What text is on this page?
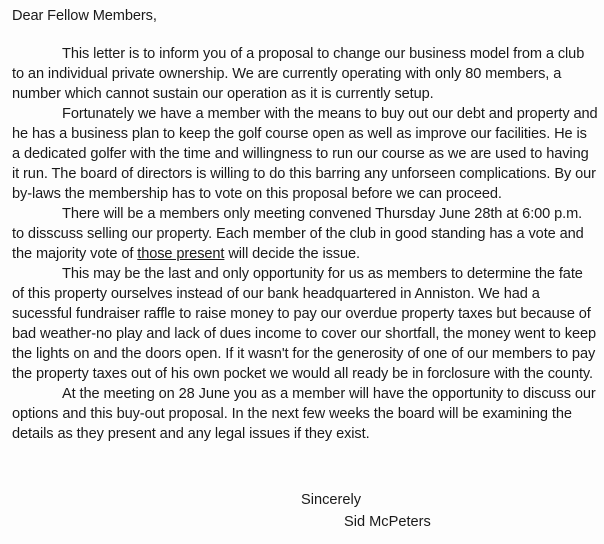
Dear Fellow Members,

This letter is to inform you of a proposal to change our business model from a club to an individual private ownership. We are currently operating with only 80 members, a number which cannot sustain our operation as it is currently setup.

Fortunately we have a member with the means to buy out our debt and property and he has a business plan to keep the golf course open as well as improve our facilities. He is a dedicated golfer with the time and willingness to run our course as we are used to having it run. The board of directors is willing to do this barring any unforseen complications. By our by-laws the membership has to vote on this proposal before we can proceed.

There will be a members only meeting convened Thursday June 28th at 6:00 p.m. to disscuss selling our property. Each member of the club in good standing has a vote and the majority vote of those present will decide the issue.

This may be the last and only opportunity for us as members to determine the fate of this property ourselves instead of our bank headquartered in Anniston. We had a sucessful fundraiser raffle to raise money to pay our overdue property taxes but because of bad weather-no play and lack of dues income to cover our shortfall, the money went to keep the lights on and the doors open. If it wasn't for the generosity of one of our members to pay the property taxes out of his own pocket we would all ready be in forclosure with the county.

At the meeting on 28 June you as a member will have the opportunity to discuss our options and this buy-out proposal. In the next few weeks the board will be examining the details as they present and any legal issues if they exist.

Sincerely
Sid McPeters
